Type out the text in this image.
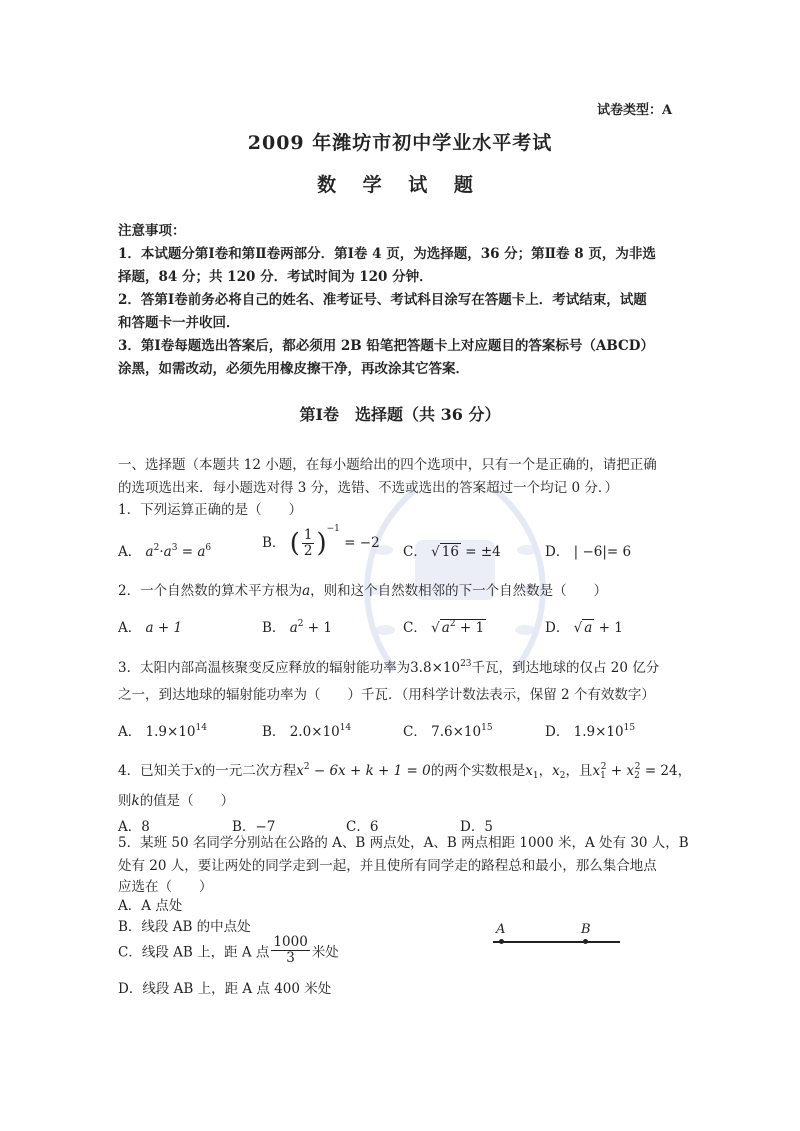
试卷类型：A
2009 年潍坊市初中学业水平考试
数 学 试 题
注意事项：
1．本试题分第Ⅰ卷和第Ⅱ卷两部分．第Ⅰ卷 4 页，为选择题，36 分；第Ⅱ卷 8 页，为非选
择题，84 分；共 120 分．考试时间为 120 分钟．
2．答第Ⅰ卷前务必将自己的姓名、准考证号、考试科目涂写在答题卡上．考试结束，试题
和答题卡一并收回．
3．第Ⅰ卷每题选出答案后，都必须用 2B 铅笔把答题卡上对应题目的答案标号（ABCD）
涂黑，如需改动，必须先用橡皮擦干净，再改涂其它答案．
第Ⅰ卷　选择题（共 36 分）
一、选择题（本题共 12 小题，在每小题给出的四个选项中，只有一个是正确的，请把正确
的选项选出来．每小题选对得 3 分，选错、不选或选出的答案超过一个均记 0 分．）
1．下列运算正确的是（　　）
A． $a^2\cdot a^3 = a^6$	B． ( $\frac{1}{2} )^{-1} = -2$
C． √ 16 = ±4	D． | −6|= 6
2．一个自然数的算术平方根为a，则和这个自然数相邻的下一个自然数是（　　）
A． a + 1	B． $a^2 + 1$	C． √ $a^2 + 1$	D． √ a + 1
3．太阳内部高温核聚变反应释放的辐射能功率为$3.8\times 10^{23}$千瓦，到达地球的仅占 20 亿分
之一，到达地球的辐射能功率为（　　）千瓦．（用科学计数法表示，保留 2 个有效数字）
A． $1.9\times 10^{14}$	B． $2.0\times 10^{14}$	C． $7.6\times 10^{15}$	D． $1.9\times 10^{15}$
4．已知关于x的一元二次方程$x^2 - 6x + k + 1 = 0$的两个实数根是$x_1$，$x_2$，且$x_1^2 + x_2^2 = 24$，
则k的值是（　　）
A．8	B．−7	C．6	D．5
5．某班 50 名同学分别站在公路的 A、B 两点处，A、B 两点相距 1000 米，A 处有 30 人，B
处有 20 人，要让两处的同学走到一起，并且使所有同学走的路程总和最小，那么集合地点
应选在（　　）
A．A 点处
B．线段 AB 的中点处
C．线段 AB 上，距 A 点 $\frac{1000}{3}$ 米处
D．线段 AB 上，距 A 点 400 米处
A	B
